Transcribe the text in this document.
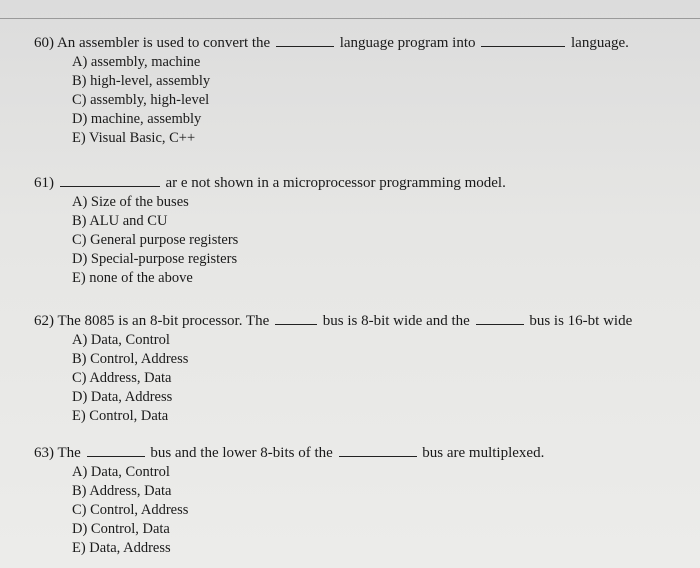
60) An assembler is used to convert the	language program into	language.
A) assembly, machine
B) high-level, assembly
C) assembly, high-level
D) machine, assembly
E) Visual Basic, C++
61)	ar e not shown in a microprocessor programming model.
A) Size of the buses
B) ALU and CU
C) General purpose registers
D) Special-purpose registers
E) none of the above
62) The 8085 is an 8-bit processor. The	bus is 8-bit wide and the	bus is 16-bt wide
A) Data, Control
B) Control, Address
C) Address, Data
D) Data, Address
E) Control, Data
63) The	bus and the lower 8-bits of the	bus are multiplexed.
A) Data, Control
B) Address, Data
C) Control, Address
D) Control, Data
E) Data, Address
